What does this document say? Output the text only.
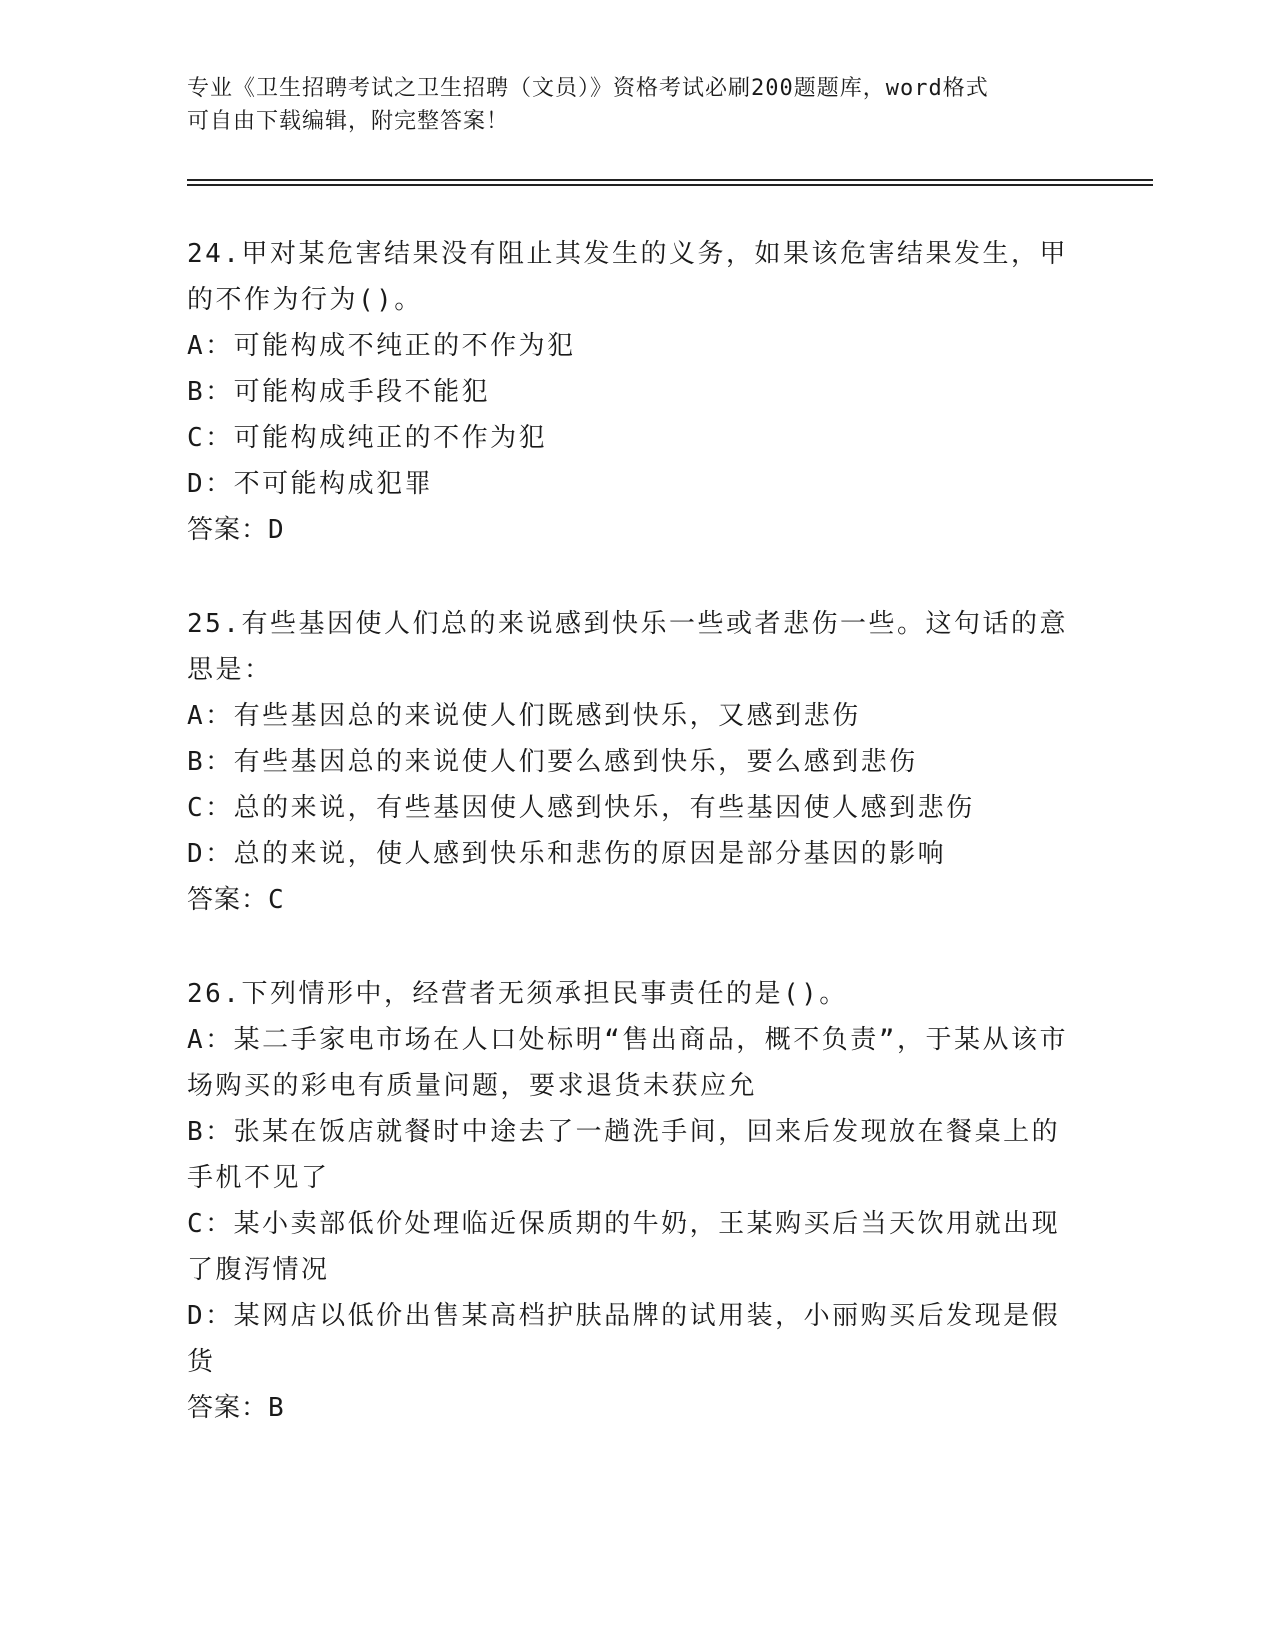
专业《卫生招聘考试之卫生招聘（文员）》资格考试必刷200题题库，word格式
可自由下载编辑，附完整答案！

24.甲对某危害结果没有阻止其发生的义务，如果该危害结果发生，甲的不作为行为()。

A：可能构成不纯正的不作为犯

B：可能构成手段不能犯

C：可能构成纯正的不作为犯

D：不可能构成犯罪

答案：D

25.有些基因使人们总的来说感到快乐一些或者悲伤一些。这句话的意思是：

A：有些基因总的来说使人们既感到快乐，又感到悲伤

B：有些基因总的来说使人们要么感到快乐，要么感到悲伤

C：总的来说，有些基因使人感到快乐，有些基因使人感到悲伤

D：总的来说，使人感到快乐和悲伤的原因是部分基因的影响

答案：C

26.下列情形中，经营者无须承担民事责任的是()。

A：某二手家电市场在人口处标明“售出商品，概不负责”，于某从该市场购买的彩电有质量问题，要求退货未获应允

B：张某在饭店就餐时中途去了一趟洗手间，回来后发现放在餐桌上的手机不见了

C：某小卖部低价处理临近保质期的牛奶，王某购买后当天饮用就出现了腹泻情况

D：某网店以低价出售某高档护肤品牌的试用装，小丽购买后发现是假货

答案：B
